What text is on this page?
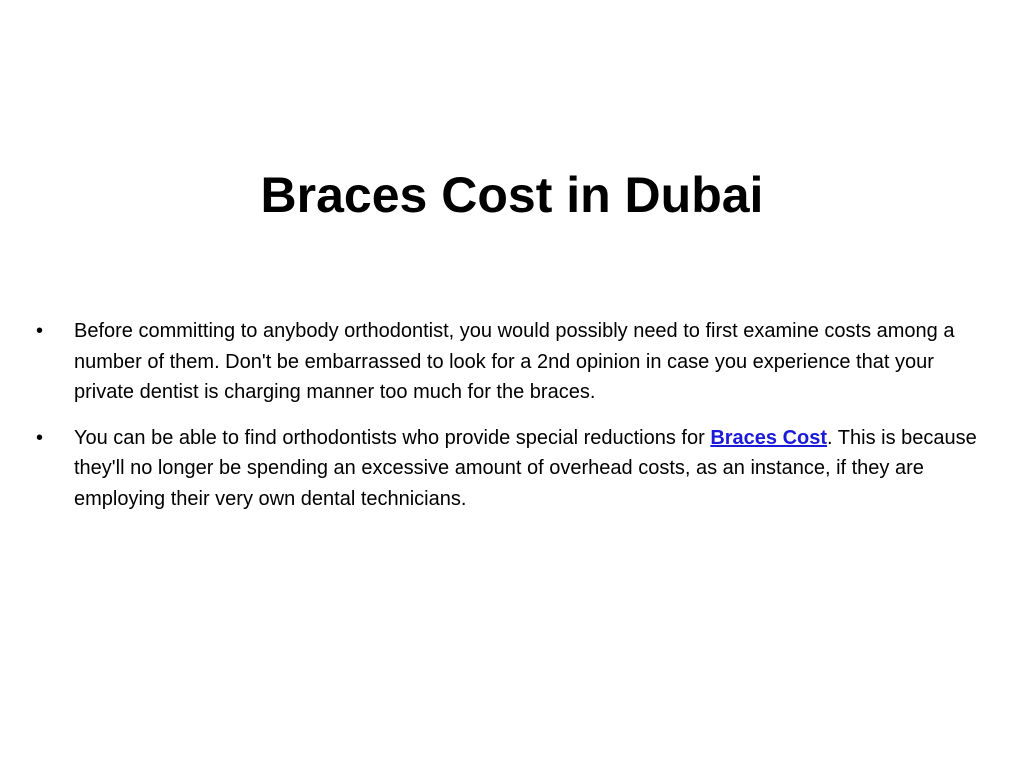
Braces Cost in Dubai
• Before committing to anybody orthodontist, you would possibly need to first examine costs among a number of them. Don't be embarrassed to look for a 2nd opinion in case you experience that your private dentist is charging manner too much for the braces.
• You can be able to find orthodontists who provide special reductions for Braces Cost. This is because they'll no longer be spending an excessive amount of overhead costs, as an instance, if they are employing their very own dental technicians.
